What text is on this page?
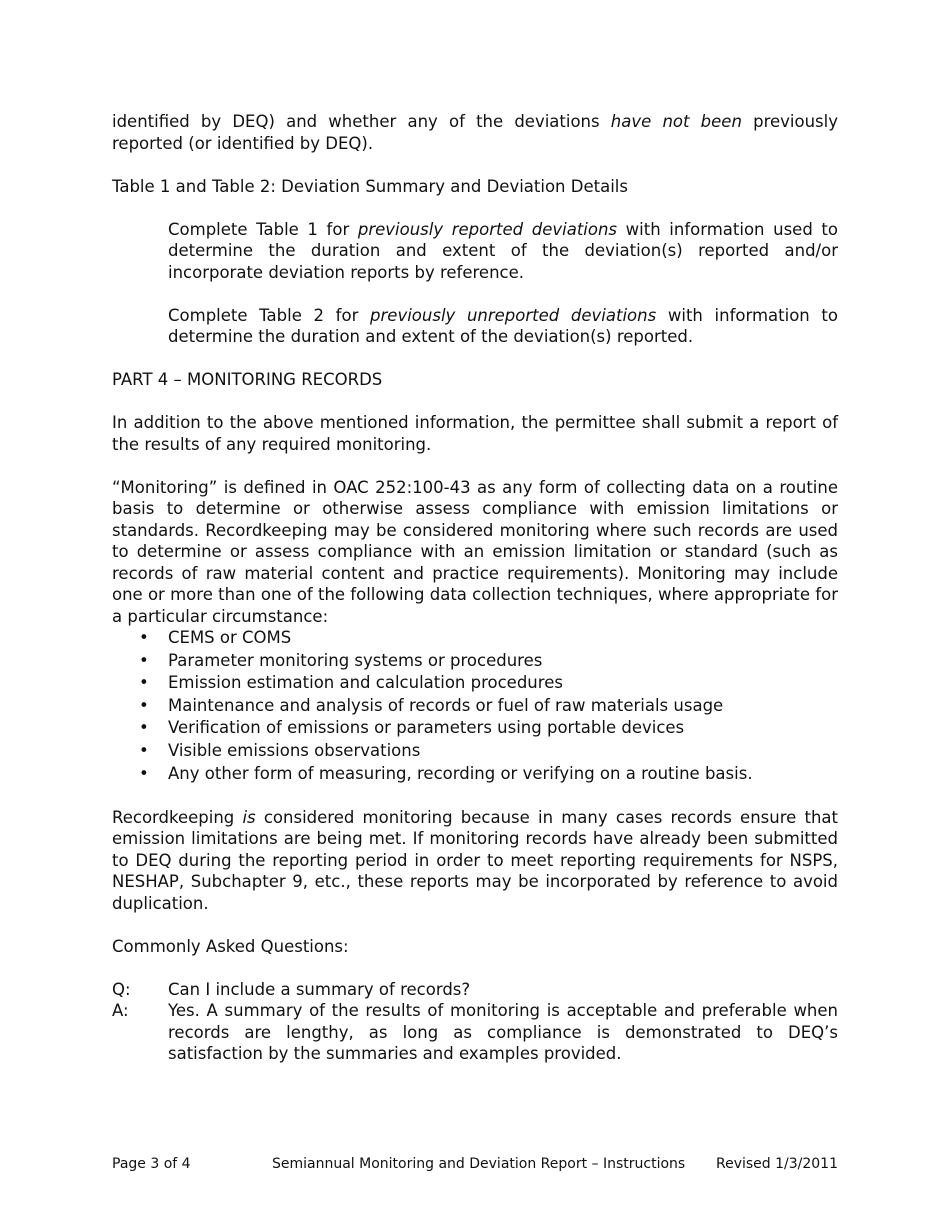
identified by DEQ) and whether any of the deviations have not been previously reported (or identified by DEQ).

Table 1 and Table 2: Deviation Summary and Deviation Details

Complete Table 1 for previously reported deviations with information used to determine the duration and extent of the deviation(s) reported and/or incorporate deviation reports by reference.

Complete Table 2 for previously unreported deviations with information to determine the duration and extent of the deviation(s) reported.

PART 4 – MONITORING RECORDS

In addition to the above mentioned information, the permittee shall submit a report of the results of any required monitoring.

“Monitoring” is defined in OAC 252:100-43 as any form of collecting data on a routine basis to determine or otherwise assess compliance with emission limitations or standards. Recordkeeping may be considered monitoring where such records are used to determine or assess compliance with an emission limitation or standard (such as records of raw material content and practice requirements). Monitoring may include one or more than one of the following data collection techniques, where appropriate for a particular circumstance:

• CEMS or COMS
• Parameter monitoring systems or procedures
• Emission estimation and calculation procedures
• Maintenance and analysis of records or fuel of raw materials usage
• Verification of emissions or parameters using portable devices
• Visible emissions observations
• Any other form of measuring, recording or verifying on a routine basis.

Recordkeeping is considered monitoring because in many cases records ensure that emission limitations are being met. If monitoring records have already been submitted to DEQ during the reporting period in order to meet reporting requirements for NSPS, NESHAP, Subchapter 9, etc., these reports may be incorporated by reference to avoid duplication.

Commonly Asked Questions:

Q:	Can I include a summary of records?
A:	Yes. A summary of the results of monitoring is acceptable and preferable when records are lengthy, as long as compliance is demonstrated to DEQ’s satisfaction by the summaries and examples provided.
Page 3 of 4	Semiannual Monitoring and Deviation Report – Instructions Revised 1/3/2011
